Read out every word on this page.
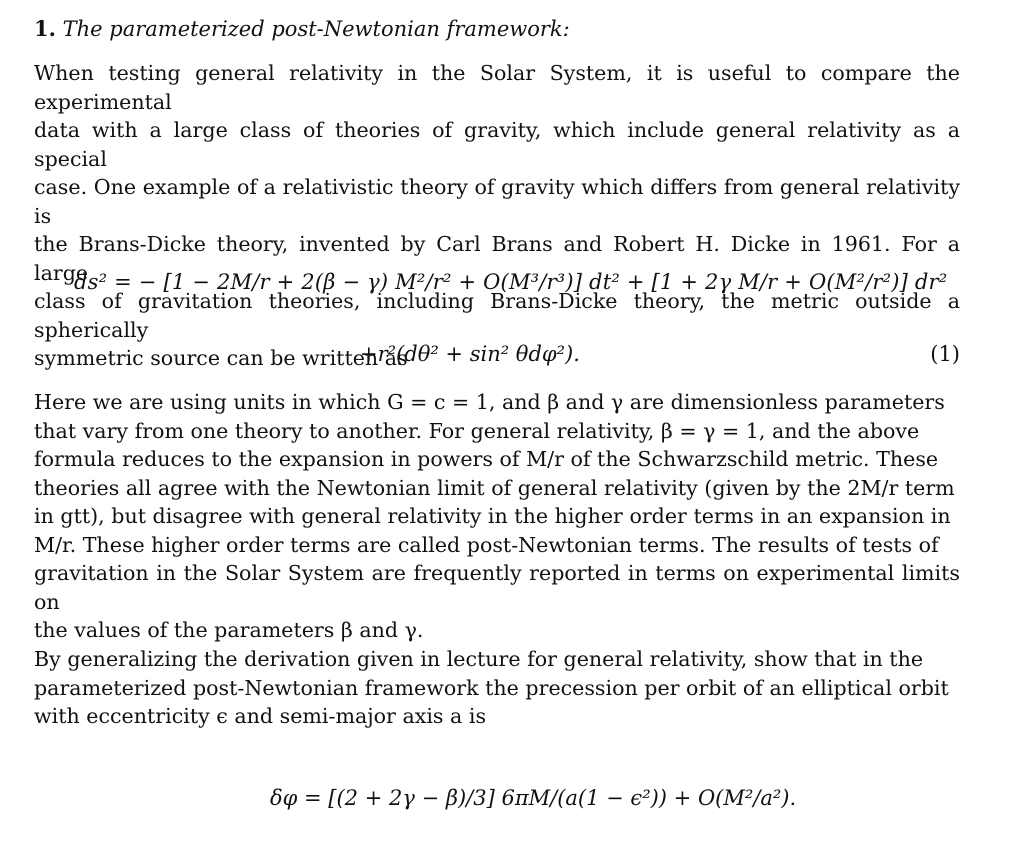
1. The parameterized post-Newtonian framework:
When testing general relativity in the Solar System, it is useful to compare the experimental
data with a large class of theories of gravity, which include general relativity as a special
case. One example of a relativistic theory of gravity which differs from general relativity is
the Brans-Dicke theory, invented by Carl Brans and Robert H. Dicke in 1961. For a large
class of gravitation theories, including Brans-Dicke theory, the metric outside a spherically
symmetric source can be written as
ds² = − [1 − 2M/r + 2(β − γ) M²/r² + O(M³/r³)] dt² + [1 + 2γ M/r + O(M²/r²)] dr²
+r²(dθ² + sin² θdφ²).	(1)
Here we are using units in which G = c = 1, and β and γ are dimensionless parameters
that vary from one theory to another. For general relativity, β = γ = 1, and the above
formula reduces to the expansion in powers of M/r of the Schwarzschild metric. These
theories all agree with the Newtonian limit of general relativity (given by the 2M/r term
in gtt), but disagree with general relativity in the higher order terms in an expansion in
M/r. These higher order terms are called post-Newtonian terms. The results of tests of
gravitation in the Solar System are frequently reported in terms on experimental limits on
the values of the parameters β and γ.
By generalizing the derivation given in lecture for general relativity, show that in the
parameterized post-Newtonian framework the precession per orbit of an elliptical orbit
with eccentricity ϵ and semi-major axis a is
δφ = [(2 + 2γ − β)/3] 6πM/(a(1 − ϵ²)) + O(M²/a²).
